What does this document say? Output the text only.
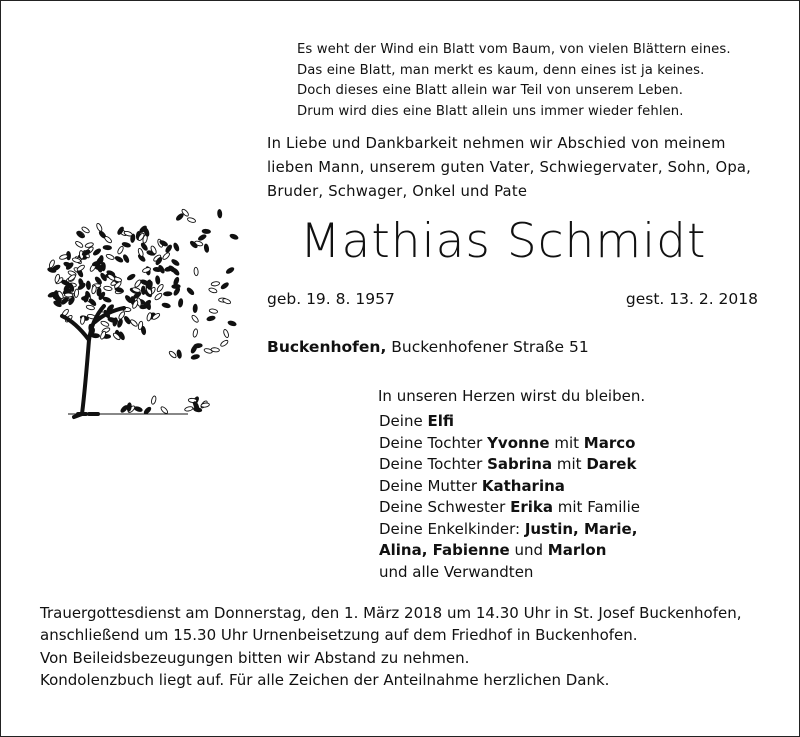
Es weht der Wind ein Blatt vom Baum, von vielen Blättern eines.
Das eine Blatt, man merkt es kaum, denn eines ist ja keines.
Doch dieses eine Blatt allein war Teil von unserem Leben.
Drum wird dies eine Blatt allein uns immer wieder fehlen.
In Liebe und Dankbarkeit nehmen wir Abschied von meinem
lieben Mann, unserem guten Vater, Schwiegervater, Sohn, Opa,
Bruder, Schwager, Onkel und Pate
Mathias Schmidt
geb. 19. 8. 1957	gest. 13. 2. 2018
Buckenhofen, Buckenhofener Straße 51
In unseren Herzen wirst du bleiben.
Deine Elfi
Deine Tochter Yvonne mit Marco
Deine Tochter Sabrina mit Darek
Deine Mutter Katharina
Deine Schwester Erika mit Familie
Deine Enkelkinder: Justin, Marie,
Alina, Fabienne und Marlon
und alle Verwandten
Trauergottesdienst am Donnerstag, den 1. März 2018 um 14.30 Uhr in St. Josef Buckenhofen,
anschließend um 15.30 Uhr Urnenbeisetzung auf dem Friedhof in Buckenhofen.
Von Beileidsbezeugungen bitten wir Abstand zu nehmen.
Kondolenzbuch liegt auf. Für alle Zeichen der Anteilnahme herzlichen Dank.
